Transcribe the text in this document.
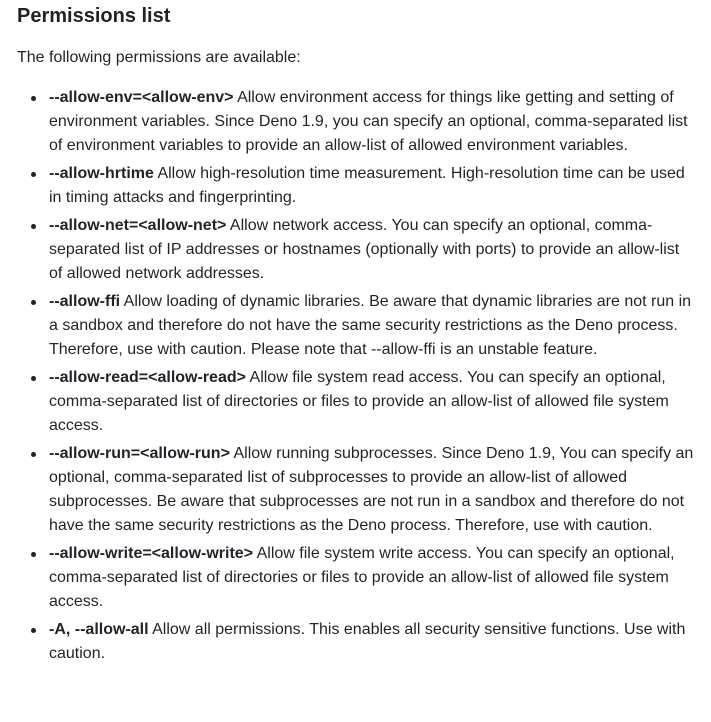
Permissions list

The following permissions are available:

--allow-env=<allow-env> Allow environment access for things like getting and setting of environment variables. Since Deno 1.9, you can specify an optional, comma-separated list of environment variables to provide an allow-list of allowed environment variables.
--allow-hrtime Allow high-resolution time measurement. High-resolution time can be used in timing attacks and fingerprinting.
--allow-net=<allow-net> Allow network access. You can specify an optional, comma-separated list of IP addresses or hostnames (optionally with ports) to provide an allow-list of allowed network addresses.
--allow-ffi Allow loading of dynamic libraries. Be aware that dynamic libraries are not run in a sandbox and therefore do not have the same security restrictions as the Deno process. Therefore, use with caution. Please note that --allow-ffi is an unstable feature.
--allow-read=<allow-read> Allow file system read access. You can specify an optional, comma-separated list of directories or files to provide an allow-list of allowed file system access.
--allow-run=<allow-run> Allow running subprocesses. Since Deno 1.9, You can specify an optional, comma-separated list of subprocesses to provide an allow-list of allowed subprocesses. Be aware that subprocesses are not run in a sandbox and therefore do not have the same security restrictions as the Deno process. Therefore, use with caution.
--allow-write=<allow-write> Allow file system write access. You can specify an optional, comma-separated list of directories or files to provide an allow-list of allowed file system access.
-A, --allow-all Allow all permissions. This enables all security sensitive functions. Use with caution.
